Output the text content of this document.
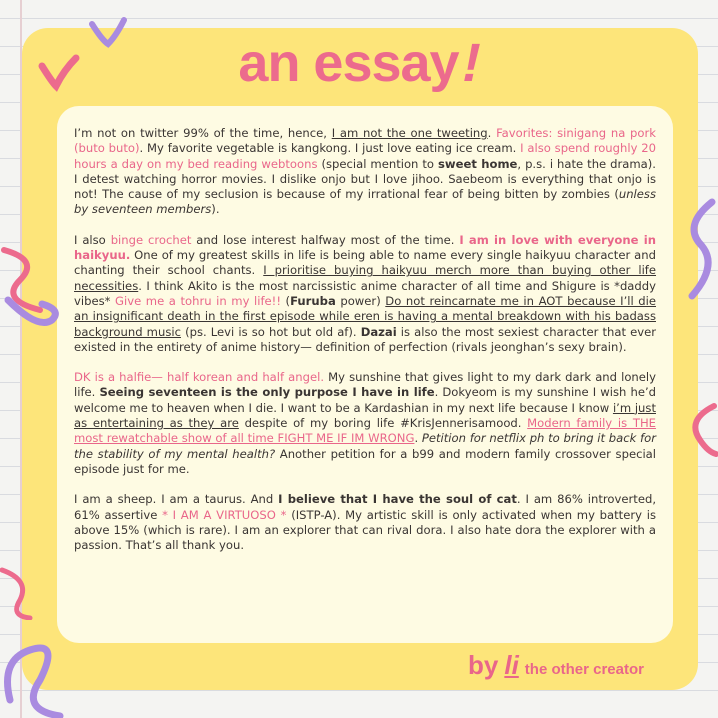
an essay!

I’m not on twitter 99% of the time, hence, I am not the one tweeting. Favorites: sinigang na pork (buto buto). My favorite vegetable is kangkong. I just love eating ice cream. I also spend roughly 20 hours a day on my bed reading webtoons (special mention to sweet home, p.s. i hate the drama). I detest watching horror movies. I dislike onjo but I love jihoo. Saebeom is everything that onjo is not! The cause of my seclusion is because of my irrational fear of being bitten by zombies (unless by seventeen members).

I also binge crochet and lose interest halfway most of the time. I am in love with everyone in haikyuu. One of my greatest skills in life is being able to name every single haikyuu character and chanting their school chants. I prioritise buying haikyuu merch more than buying other life necessities. I think Akito is the most narcissistic anime character of all time and Shigure is *daddy vibes* Give me a tohru in my life!! (Furuba power) Do not reincarnate me in AOT because I’ll die an insignificant death in the first episode while eren is having a mental breakdown with his badass background music (ps. Levi is so hot but old af). Dazai is also the most sexiest character that ever existed in the entirety of anime history— definition of perfection (rivals jeonghan’s sexy brain).

DK is a halfie— half korean and half angel. My sunshine that gives light to my dark dark and lonely life. Seeing seventeen is the only purpose I have in life. Dokyeom is my sunshine I wish he’d welcome me to heaven when I die. I want to be a Kardashian in my next life because I know i’m just as entertaining as they are despite of my boring life #KrisJennerisamood. Modern family is THE most rewatchable show of all time FIGHT ME IF IM WRONG. Petition for netflix ph to bring it back for the stability of my mental health? Another petition for a b99 and modern family crossover special episode just for me.

I am a sheep. I am a taurus. And I believe that I have the soul of cat. I am 86% introverted, 61% assertive * I AM A VIRTUOSO * (ISTP-A). My artistic skill is only activated when my battery is above 15% (which is rare). I am an explorer that can rival dora. I also hate dora the explorer with a passion. That’s all thank you.

by li the other creator
